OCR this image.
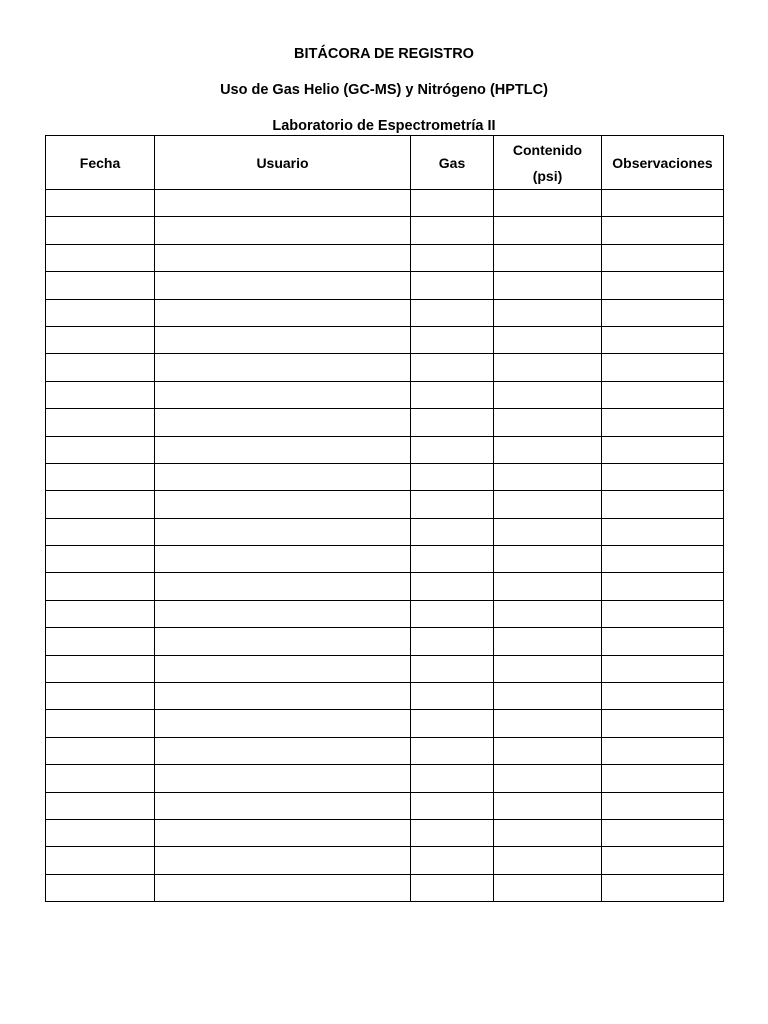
BITÁCORA DE REGISTRO
Uso de Gas Helio (GC-MS) y Nitrógeno (HPTLC)
Laboratorio de Espectrometría II
Fecha	Usuario	Gas	Contenido (psi)	Observaciones
